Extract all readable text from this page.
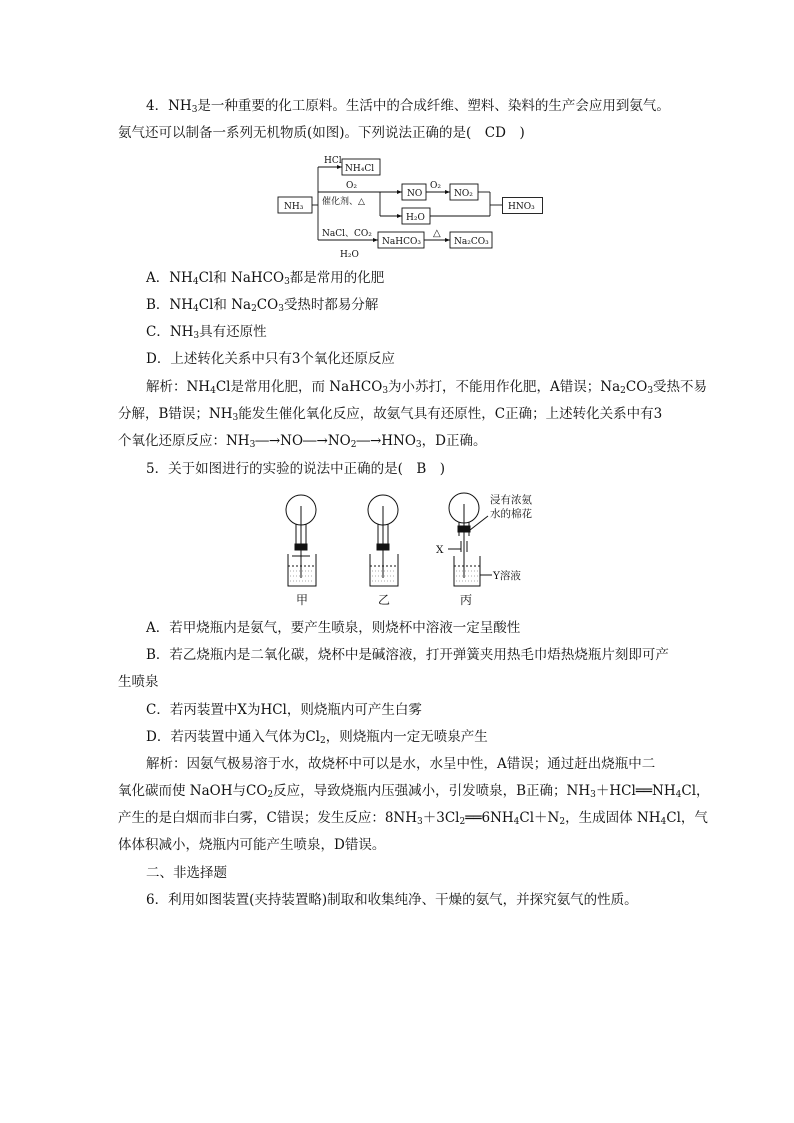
4．$NH_3$是一种重要的化工原料。生活中的合成纤维、塑料、染料的生产会应用到氨气。
氨气还可以制备一系列无机物质(如图)。下列说法正确的是(　CD　)
NH₃
HCl
NH₄Cl
O₂
催化剂、△
NO
O₂
NO₂
H₂O
NaCl、CO₂
H₂O
NaHCO₃
△
Na₂CO₃
HNO₃
A．$NH_4Cl$和 NaHCO$_3$都是常用的化肥
B．$NH_4Cl$和 $Na_2CO_3$受热时都易分解
C．$NH_3$具有还原性
D．上述转化关系中只有3个氧化还原反应
解析：$NH_4Cl$是常用化肥，而 NaHCO$_3$为小苏打，不能用作化肥，A错误；$Na_2CO_3$受热不易
分解，B错误；$NH_3$能发生催化氧化反应，故氨气具有还原性，C正确；上述转化关系中有3
个氧化还原反应：$NH_3―\to NO―\to NO_2―\to HNO_3$，D正确。
5．关于如图进行的实验的说法中正确的是(　B　)
甲	乙	丙
浸有浓氨
水的棉花
X
Y溶液
A．若甲烧瓶内是氨气，要产生喷泉，则烧杯中溶液一定呈酸性
B．若乙烧瓶内是二氧化碳，烧杯中是碱溶液，打开弹簧夹用热毛巾焐热烧瓶片刻即可产
生喷泉
C．若丙装置中X为HCl，则烧瓶内可产生白雾
D．若丙装置中通入气体为$Cl_2$，则烧瓶内一定无喷泉产生
解析：因氨气极易溶于水，故烧杯中可以是水，水呈中性，A错误；通过赶出烧瓶中二
氧化碳而使 NaOH与$CO_2$反应，导致烧瓶内压强减小，引发喷泉，B正确；$NH_3+HCl══NH_4Cl$，
产生的是白烟而非白雾，C错误；发生反应：$8NH_3+3Cl_2══6NH_4Cl+N_2$，生成固体 $NH_4Cl$，气
体体积减小，烧瓶内可能产生喷泉，D错误。
二、非选择题
6．利用如图装置(夹持装置略)制取和收集纯净、干燥的氨气，并探究氨气的性质。
